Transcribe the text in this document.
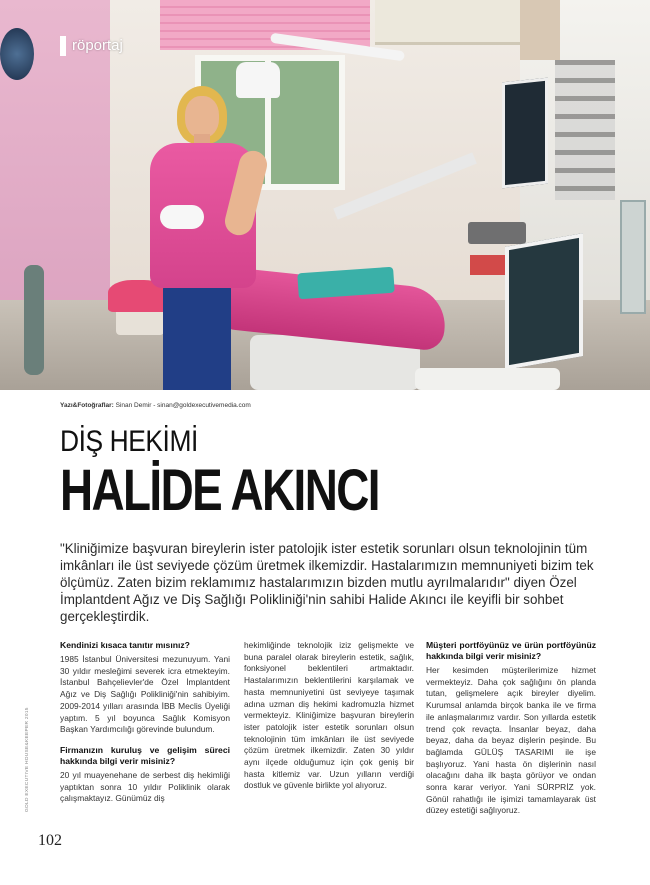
röportaj
Yazı&Fotoğraflar: Sinan Demir - sinan@goldexecutivemedia.com
DİŞ HEKİMİ
HALİDE AKINCI
"Kliniğimize başvuran bireylerin ister patolojik ister estetik sorunları olsun teknolojinin tüm imkânları ile üst seviyede çözüm üretmek ilkemizdir. Hastalarımızın memnuniyeti bizim tek ölçümüz. Zaten bizim reklamımız hastalarımızın bizden mutlu ayrılmalarıdır" diyen Özel İmplantdent Ağız ve Diş Sağlığı Polikliniği'nin sahibi Halide Akıncı ile keyifli bir sohbet gerçekleştirdik.
Kendinizi kısaca tanıtır mısınız?

1985 İstanbul Üniversitesi mezunuyum. Yani 30 yıldır mesleğimi severek icra etmekteyim. İstanbul Bahçelievler'de Özel İmplantdent Ağız ve Diş Sağlığı Polikliniği'nin sahibiyim. 2009-2014 yılları arasında İBB Meclis Üyeliği yaptım. 5 yıl boyunca Sağlık Komisyon Başkan Yardımcılığı görevinde bulundum.

Firmanızın kuruluş ve gelişim süreci hakkında bilgi verir misiniz?

20 yıl muayenehane de serbest diş hekimliği yaptıktan sonra 10 yıldır Poliklinik olarak çalışmaktayız. Günümüz diş

hekimliğinde teknolojik iziz gelişmekte ve buna paralel olarak bireylerin estetik, sağlık, fonksiyonel beklentileri artmaktadır. Hastalarımızın beklentilerini karşılamak ve hasta memnuniyetini üst seviyeye taşımak adına uzman diş hekimi kadromuzla hizmet vermekteyiz. Kliniğimize başvuran bireylerin ister patolojik ister estetik sorunları olsun teknolojinin tüm imkânları ile üst seviyede çözüm üretmek ilkemizdir. Zaten 30 yıldır aynı ilçede olduğumuz için çok geniş bir hasta kitlemiz var. Uzun yılların verdiği dostluk ve güvenle birlikte yol alıyoruz.

Müşteri portföyünüz ve ürün portföyünüz hakkında bilgi verir misiniz?

Her kesimden müşterilerimize hizmet vermekteyiz. Daha çok sağlığını ön planda tutan, gelişmelere açık bireyler diyelim. Kurumsal anlamda birçok banka ile ve firma ile anlaşmalarımız vardır. Son yıllarda estetik trend çok revaçta. İnsanlar beyaz, daha beyaz, daha da beyaz dişlerin peşinde. Bu bağlamda GÜLÜŞ TASARIMI ile işe başlıyoruz. Yani hasta ön dişlerinin nasıl olacağını daha ilk başta görüyor ve ondan sonra karar veriyor. Yani SÜRPRİZ yok. Gönül rahatlığı ile işimizi tamamlayarak üst düzey estetiği sağlıyoruz.

GOLD EXECUTIVE HOUSE&KEEPER 2015
102
